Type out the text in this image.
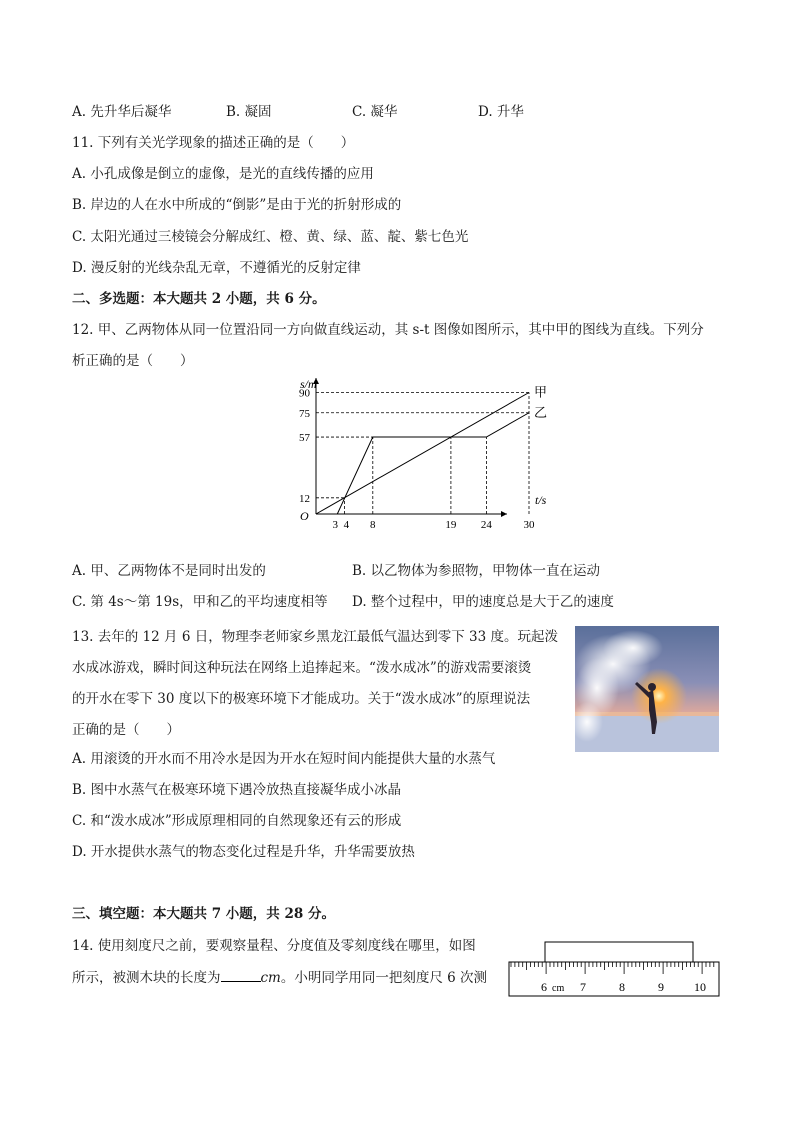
A. 先升华后凝华	B. 凝固	C. 凝华	D. 升华
11. 下列有关光学现象的描述正确的是（　　）
A. 小孔成像是倒立的虚像，是光的直线传播的应用
B. 岸边的人在水中所成的“倒影”是由于光的折射形成的
C. 太阳光通过三棱镜会分解成红、橙、黄、绿、蓝、靛、紫七色光
D. 漫反射的光线杂乱无章，不遵循光的反射定律
二、多选题：本大题共 2 小题，共 6 分。
12. 甲、乙两物体从同一位置沿同一方向做直线运动，其 s-t 图像如图所示，其中甲的图线为直线。下列分
析正确的是（　　）
s/m
t/s
O
12
57
75
90
3 4 8	19 24	30
甲
乙
A. 甲、乙两物体不是同时出发的	B. 以乙物体为参照物，甲物体一直在运动
C. 第 4s～第 19s，甲和乙的平均速度相等 D. 整个过程中，甲的速度总是大于乙的速度
13. 去年的 12 月 6 日，物理李老师家乡黑龙江最低气温达到零下 33 度。玩起泼
水成冰游戏，瞬时间这种玩法在网络上追捧起来。“泼水成冰”的游戏需要滚烫
的开水在零下 30 度以下的极寒环境下才能成功。关于“泼水成冰”的原理说法
正确的是（　　）
A. 用滚烫的开水而不用冷水是因为开水在短时间内能提供大量的水蒸气
B. 图中水蒸气在极寒环境下遇冷放热直接凝华成小冰晶
C. 和“泼水成冰”形成原理相同的自然现象还有云的形成
D. 开水提供水蒸气的物态变化过程是升华，升华需要放热
三、填空题：本大题共 7 小题，共 28 分。
14. 使用刻度尺之前，要观察量程、分度值及零刻度线在哪里，如图
所示，被测木块的长度为	cm。小明同学用同一把刻度尺 6 次测
6 cm 7	8	9	10
